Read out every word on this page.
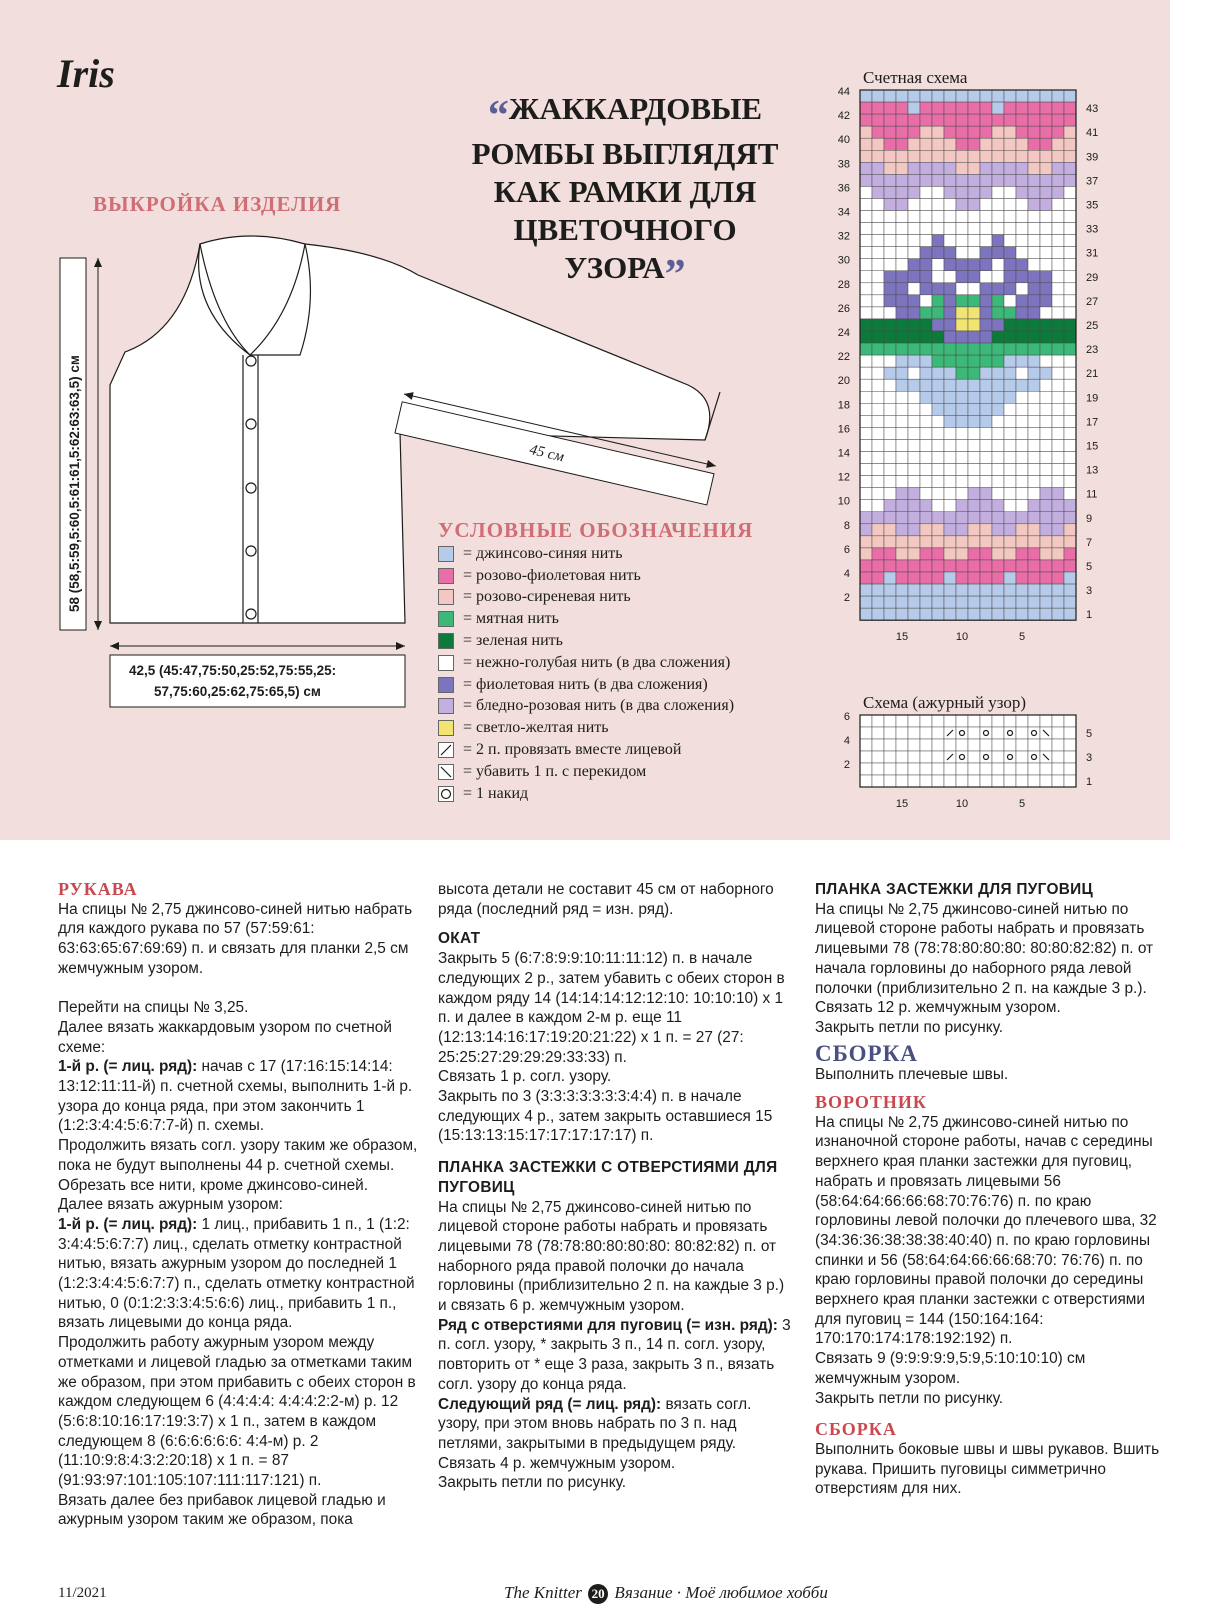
Iris
“ЖАККАРДОВЫЕ РОМБЫ ВЫГЛЯДЯТ КАК РАМКИ ДЛЯ ЦВЕТОЧНОГО УЗОРА”
ВЫКРОЙКА ИЗДЕЛИЯ
58 (58,5:59,5:60,5:61:61,5:62:63:63,5) см
42,5 (45:47,75:50,25:52,75:55,25:
57,75:60,25:62,75:65,5) см
45 см
УСЛОВНЫЕ ОБОЗНАЧЕНИЯ
= джинсово-синяя нить
= розово-фиолетовая нить
= розово-сиреневая нить
= мятная нить
= зеленая нить
= нежно-голубая нить (в два сложения)
= фиолетовая нить (в два сложения)
= бледно-розовая нить (в два сложения)
= светло-желтая нить
= 2 п. провязать вместе лицевой
= убавить 1 п. с перекидом
= 1 накид
Счетная схема
44
42
40
38
36
34
32
30
28
26
24
22
20
18
16
14
12
10
8
6
4
2
43
41
39
37
35
33
31
29
27
25
23
21
19
17
15
13
11
9
7
5
3
1
15	10	5
Схема (ажурный узор)
6
4
2
5
3
1
15	10	5

РУКАВА

На спицы № 2,75 джинсово-синей нитью набрать для каждого рукава по 57 (57:59:61: 63:63:65:67:69:69) п. и связать для планки 2,5 см жемчужным узором.

Перейти на спицы № 3,25.

Далее вязать жаккардовым узором по счетной схеме:

1-й р. (= лиц. ряд): начав с 17 (17:16:15:14:14: 13:12:11:11-й) п. счетной схемы, выполнить 1-й р. узора до конца ряда, при этом закончить 1 (1:2:3:4:4:5:6:7:7-й) п. схемы.

Продолжить вязать согл. узору таким же образом, пока не будут выполнены 44 р. счетной схемы.

Обрезать все нити, кроме джинсово-синей.

Далее вязать ажурным узором:

1-й р. (= лиц. ряд): 1 лиц., прибавить 1 п., 1 (1:2: 3:4:4:5:6:7:7) лиц., сделать отметку контрастной нитью, вязать ажурным узором до последней 1 (1:2:3:4:4:5:6:7:7) п., сделать отметку контрастной нитью, 0 (0:1:2:3:3:4:5:6:6) лиц., прибавить 1 п., вязать лицевыми до конца ряда.

Продолжить работу ажурным узором между отметками и лицевой гладью за отметками таким же образом, при этом прибавить с обеих сторон в каждом следующем 6 (4:4:4:4: 4:4:4:2:2-м) р. 12 (5:6:8:10:16:17:19:3:7) х 1 п., затем в каждом следующем 8 (6:6:6:6:6:6: 4:4-м) р. 2 (11:10:9:8:4:3:2:20:18) х 1 п. = 87 (91:93:97:101:105:107:111:117:121) п.

Вязать далее без прибавок лицевой гладью и ажурным узором таким же образом, пока

высота детали не составит 45 см от наборного ряда (последний ряд = изн. ряд).

ОКАТ

Закрыть 5 (6:7:8:9:9:10:11:11:12) п. в начале следующих 2 р., затем убавить с обеих сторон в каждом ряду 14 (14:14:14:12:12:10: 10:10:10) х 1 п. и далее в каждом 2-м р. еще 11 (12:13:14:16:17:19:20:21:22) х 1 п. = 27 (27: 25:25:27:29:29:29:33:33) п.

Связать 1 р. согл. узору.

Закрыть по 3 (3:3:3:3:3:3:3:4:4) п. в начале следующих 4 р., затем закрыть оставшиеся 15 (15:13:13:15:17:17:17:17:17) п.

ПЛАНКА ЗАСТЕЖКИ С ОТВЕРСТИЯМИ ДЛЯ ПУГОВИЦ

На спицы № 2,75 джинсово-синей нитью по лицевой стороне работы набрать и провязать лицевыми 78 (78:78:80:80:80:80: 80:82:82) п. от наборного ряда правой полочки до начала горловины (приблизительно 2 п. на каждые 3 р.) и связать 6 р. жемчужным узором.

Ряд с отверстиями для пуговиц (= изн. ряд): 3 п. согл. узору, * закрыть 3 п., 14 п. согл. узору, повторить от * еще 3 раза, закрыть 3 п., вязать согл. узору до конца ряда.

Следующий ряд (= лиц. ряд): вязать согл. узору, при этом вновь набрать по 3 п. над петлями, закрытыми в предыдущем ряду.

Связать 4 р. жемчужным узором.

Закрыть петли по рисунку.

ПЛАНКА ЗАСТЕЖКИ ДЛЯ ПУГОВИЦ

На спицы № 2,75 джинсово-синей нитью по лицевой стороне работы набрать и провязать лицевыми 78 (78:78:80:80:80: 80:80:82:82) п. от начала горловины до наборного ряда левой полочки (приблизительно 2 п. на каждые 3 р.).

Связать 12 р. жемчужным узором.

Закрыть петли по рисунку.

СБОРКА

Выполнить плечевые швы.

ВОРОТНИК

На спицы № 2,75 джинсово-синей нитью по изнаночной стороне работы, начав с середины верхнего края планки застежки для пуговиц, набрать и провязать лицевыми 56 (58:64:64:66:66:68:70:76:76) п. по краю горловины левой полочки до плечевого шва, 32 (34:36:36:38:38:38:40:40) п. по краю горловины спинки и 56 (58:64:64:66:66:68:70: 76:76) п. по краю горловины правой полочки до середины верхнего края планки застежки с отверстиями для пуговиц = 144 (150:164:164: 170:170:174:178:192:192) п.

Связать 9 (9:9:9:9:9,5:9,5:10:10:10) см жемчужным узором.

Закрыть петли по рисунку.

СБОРКА

Выполнить боковые швы и швы рукавов. Вшить рукава. Пришить пуговицы симметрично отверстиям для них.

11/2021	The Knitter 20 Вязание · Моё любимое хобби
